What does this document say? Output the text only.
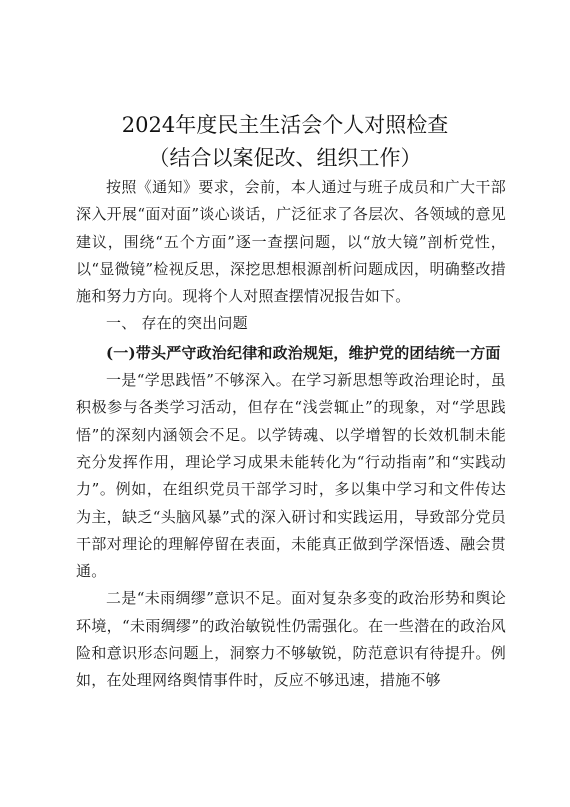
2024年度民主生活会个人对照检查
（结合以案促改、组织工作）

按照《通知》要求，会前，本人通过与班子成员和广大干部深入开展“面对面”谈心谈话，广泛征求了各层次、各领域的意见建议，围绕“五个方面”逐一查摆问题，以“放大镜”剖析党性，以“显微镜”检视反思，深挖思想根源剖析问题成因，明确整改措施和努力方向。现将个人对照查摆情况报告如下。

一、 存在的突出问题

(一)带头严守政治纪律和政治规矩，维护党的团结统一方面

一是“学思践悟”不够深入。在学习新思想等政治理论时，虽积极参与各类学习活动，但存在“浅尝辄止”的现象，对“学思践悟”的深刻内涵领会不足。以学铸魂、以学增智的长效机制未能充分发挥作用，理论学习成果未能转化为“行动指南”和“实践动力”。例如，在组织党员干部学习时，多以集中学习和文件传达为主，缺乏“头脑风暴”式的深入研讨和实践运用，导致部分党员干部对理论的理解停留在表面，未能真正做到学深悟透、融会贯通。

二是“未雨绸缪”意识不足。面对复杂多变的政治形势和舆论环境，“未雨绸缪”的政治敏锐性仍需强化。在一些潜在的政治风险和意识形态问题上，洞察力不够敏锐，防范意识有待提升。例如，在处理网络舆情事件时，反应不够迅速，措施不够
